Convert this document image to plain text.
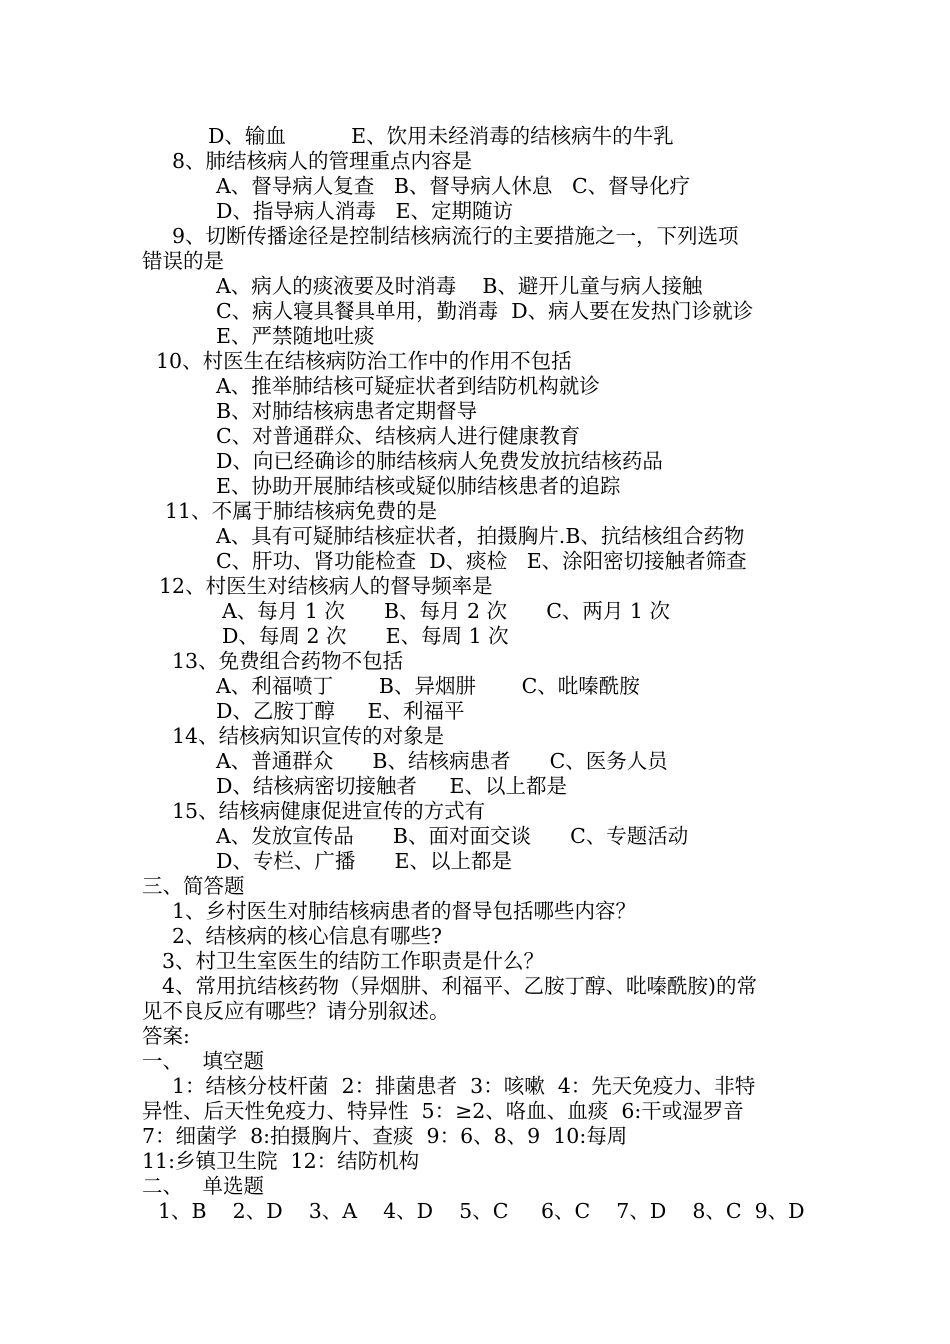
D、输血          E、饮用未经消毒的结核病牛的牛乳
8、肺结核病人的管理重点内容是
A、督导病人复查   B、督导病人休息   C、督导化疗
D、指导病人消毒   E、定期随访
9、切断传播途径是控制结核病流行的主要措施之一，下列选项
错误的是
A、病人的痰液要及时消毒    B、避开儿童与病人接触
C、病人寝具餐具单用，勤消毒  D、病人要在发热门诊就诊
E、严禁随地吐痰
10、村医生在结核病防治工作中的作用不包括
A、推举肺结核可疑症状者到结防机构就诊
B、对肺结核病患者定期督导
C、对普通群众、结核病人进行健康教育
D、向已经确诊的肺结核病人免费发放抗结核药品
E、协助开展肺结核或疑似肺结核患者的追踪
11、不属于肺结核病免费的是
A、具有可疑肺结核症状者，拍摄胸片.B、抗结核组合药物
C、肝功、肾功能检查  D、痰检   E、涂阳密切接触者筛查
12、村医生对结核病人的督导频率是
A、每月 1 次      B、每月 2 次      C、两月 1 次
D、每周 2 次      E、每周 1 次
13、免费组合药物不包括
A、利福喷丁       B、异烟肼       C、吡嗪酰胺
D、乙胺丁醇     E、利福平
14、结核病知识宣传的对象是
A、普通群众      B、结核病患者      C、医务人员
D、结核病密切接触者     E、以上都是
15、结核病健康促进宣传的方式有
A、发放宣传品      B、面对面交谈      C、专题活动
D、专栏、广播      E、以上都是
三、简答题
1、乡村医生对肺结核病患者的督导包括哪些内容？
2、结核病的核心信息有哪些?
3、村卫生室医生的结防工作职责是什么？
4、常用抗结核药物（异烟肼、利福平、乙胺丁醇、吡嗪酰胺)的常
见不良反应有哪些？请分别叙述。
答案:
一、   填空题
1：结核分枝杆菌  2：排菌患者  3：咳嗽  4：先天免疫力、非特
异性、后天性免疫力、特异性  5：≥2、咯血、血痰  6:干或湿罗音
7：细菌学  8:拍摄胸片、查痰  9：6、8、9  10:每周
11:乡镇卫生院  12：结防机构
二、   单选题
1、B    2、D    3、A    4、D    5、C     6、C    7、D    8、C  9、D
